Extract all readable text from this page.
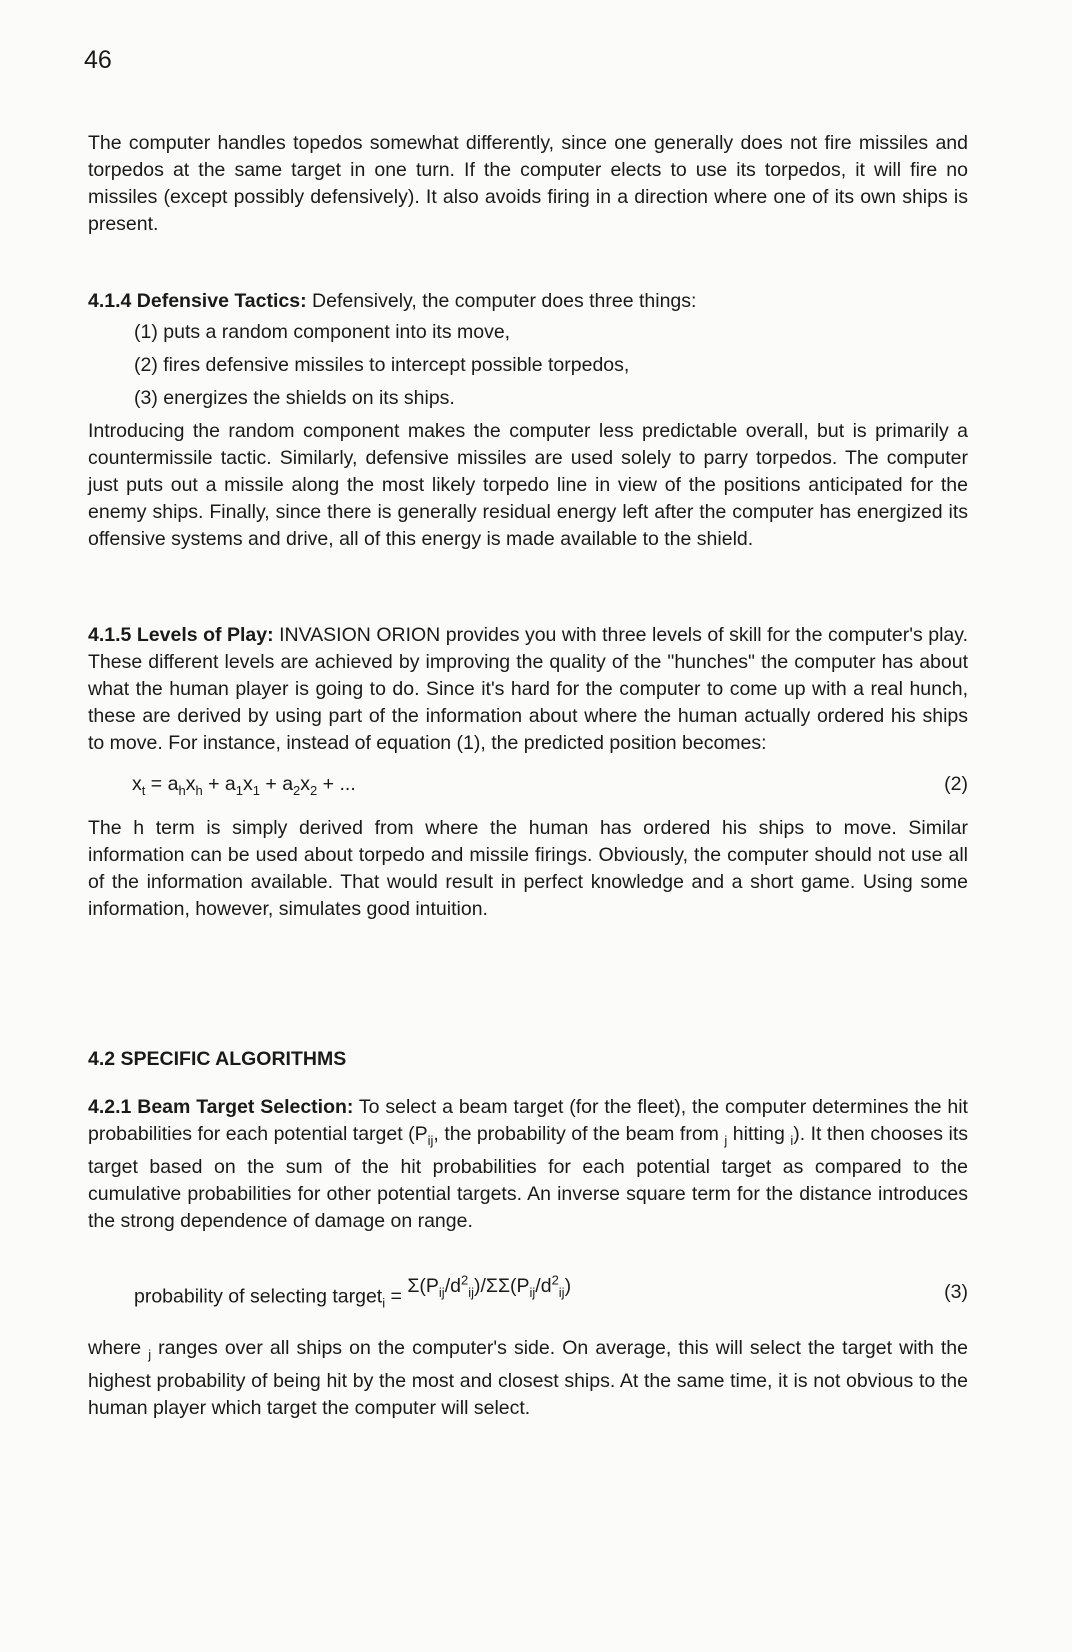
46

The computer handles topedos somewhat differently, since one generally does not fire missiles and torpedos at the same target in one turn. If the computer elects to use its torpedos, it will fire no missiles (except possibly defensively). It also avoids firing in a direction where one of its own ships is present.

4.1.4 Defensive Tactics: Defensively, the computer does three things:

(1) puts a random component into its move,
(2) fires defensive missiles to intercept possible torpedos,
(3) energizes the shields on its ships.

Introducing the random component makes the computer less predictable overall, but is primarily a countermissile tactic. Similarly, defensive missiles are used solely to parry torpedos. The computer just puts out a missile along the most likely torpedo line in view of the positions anticipated for the enemy ships. Finally, since there is generally residual energy left after the computer has energized its offensive systems and drive, all of this energy is made available to the shield.

4.1.5 Levels of Play: INVASION ORION provides you with three levels of skill for the computer's play. These different levels are achieved by improving the quality of the "hunches" the computer has about what the human player is going to do. Since it's hard for the computer to come up with a real hunch, these are derived by using part of the information about where the human actually ordered his ships to move. For instance, instead of equation (1), the predicted position becomes:

$x_t = a_hx_h + a_1x_1 + a_2x_2$ + ...	(2)

The h term is simply derived from where the human has ordered his ships to move. Similar information can be used about torpedo and missile firings. Obviously, the computer should not use all of the information available. That would result in perfect knowledge and a short game. Using some information, however, simulates good intuition.

4.2 SPECIFIC ALGORITHMS

4.2.1 Beam Target Selection: To select a beam target (for the fleet), the computer determines the hit probabilities for each potential target ($P_{ij}$, the probability of the beam from $_j$ hitting $_i$). It then chooses its target based on the sum of the hit probabilities for each potential target as compared to the cumulative probabilities for other potential targets. An inverse square term for the distance introduces the strong dependence of damage on range.

probability of selecting target$_i$ = $\Sigma(P_{ij}/d^2_{ij})/\Sigma\Sigma(P_{ij}/d^2_{ij})$	(3)

where $_j$ ranges over all ships on the computer's side. On average, this will select the target with the highest probability of being hit by the most and closest ships. At the same time, it is not obvious to the human player which target the computer will select.
